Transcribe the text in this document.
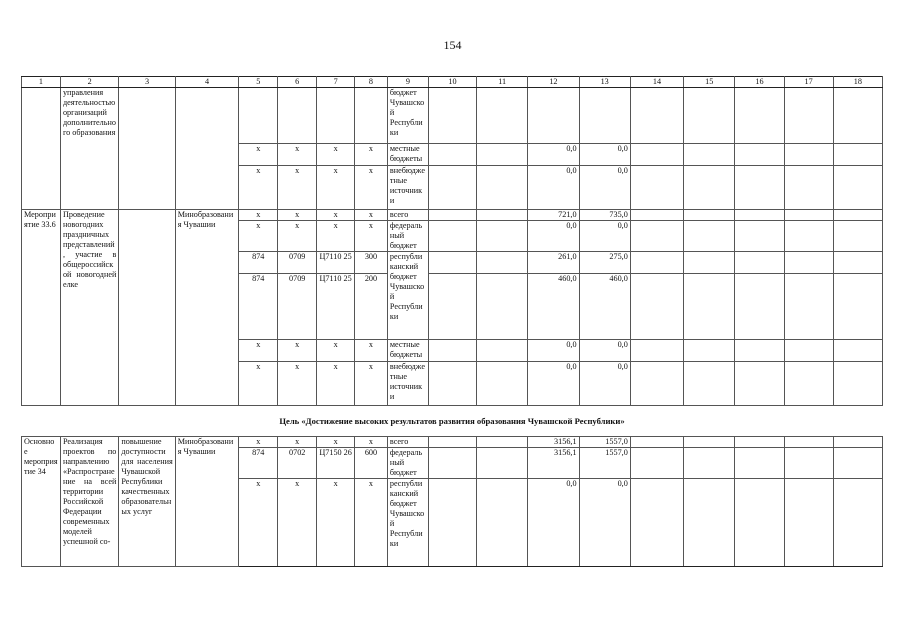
154
1	2	3	4	5	6	7	8	9	10	11	12	13	14	15	16	17	18
	управления деятельностью организаций дополнительного образования							бюджет Чувашской Республики									
				х	х	х	х	местные бюджеты			0,0	0,0					
				х	х	х	х	внебюджетные источники			0,0	0,0					
Мероприятие 33.6	Проведение новогодних праздничных представлений, участие в общероссийской новогодней елке		Минобразования Чувашии	х	х	х	х	всего			721,0	735,0					
				х	х	х	х	федеральный бюджет			0,0	0,0					
				874	0709	Ц7110 25	300	республиканский бюджет Чувашской Республики			261,0	275,0					
				874	0709	Ц7110 25	200				460,0	460,0					
				х	х	х	х	местные бюджеты			0,0	0,0					
				х	х	х	х	внебюджетные источники			0,0	0,0					
Цель «Достижение высоких результатов развития образования Чувашской Республики»																	
Основное мероприятие 34	Реализация проектов по направлению «Распространение на всей территории Российской Федерации современных моделей успешной со-	повышение доступности для населения Чувашской Республики качественных образовательных услуг	Минобразования Чувашии	х	х	х	х	всего			3156,1	1557,0					
				874	0702	Ц7150 26	600	федеральный бюджет			3156,1	1557,0					
				х	х	х	х	республиканский бюджет Чувашской Республики			0,0	0,0					
